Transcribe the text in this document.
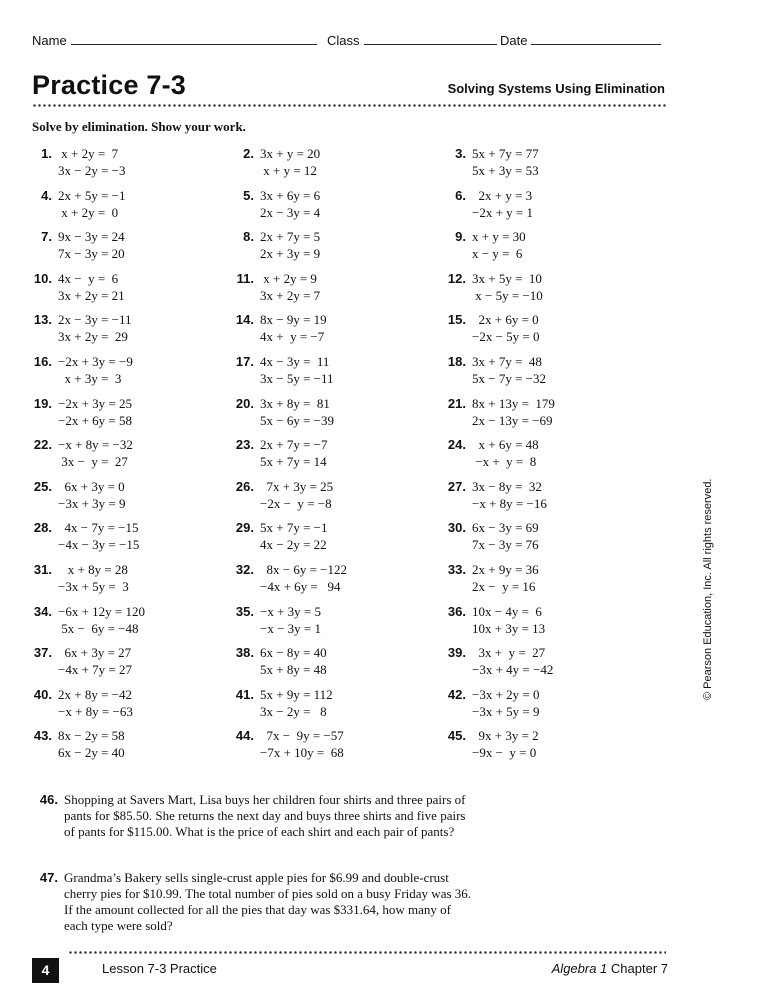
Name	Class	Date
Practice 7-3	Solving Systems Using Elimination
Solve by elimination. Show your work.
1. x + 2y =  7
3x − 2y = −3
2. 3x + y = 20
x + y = 12
3. 5x + 7y = 77
5x + 3y = 53
4. 2x + 5y = −1
x + 2y =  0
5. 3x + 6y = 6
2x − 3y = 4
6. 2x + y = 3
−2x + y = 1
7. 9x − 3y = 24
7x − 3y = 20
8. 2x + 7y = 5
2x + 3y = 9
9. x + y = 30
x − y =  6
10. 4x −  y =  6
3x + 2y = 21
11. x + 2y = 9
3x + 2y = 7
12. 3x + 5y =  10
x − 5y = −10
13. 2x − 3y = −11
3x + 2y =  29
14. 8x − 9y = 19
4x +  y = −7
15. 2x + 6y = 0
−2x − 5y = 0
16. −2x + 3y = −9
x + 3y =  3
17. 4x − 3y =  11
3x − 5y = −11
18. 3x + 7y =  48
5x − 7y = −32
19. −2x + 3y = 25
−2x + 6y = 58
20. 3x + 8y =  81
5x − 6y = −39
21. 8x + 13y =  179
2x − 13y = −69
22. −x + 8y = −32
3x −  y =  27
23. 2x + 7y = −7
5x + 7y = 14
24. x + 6y = 48
−x +  y =  8
25. 6x + 3y = 0
−3x + 3y = 9
26. 7x + 3y = 25
−2x −  y = −8
27. 3x − 8y =  32
−x + 8y = −16
28. 4x − 7y = −15
−4x − 3y = −15
29. 5x + 7y = −1
4x − 2y = 22
30. 6x − 3y = 69
7x − 3y = 76
31. x + 8y = 28
−3x + 5y =  3
32. 8x − 6y = −122
−4x + 6y =   94
33. 2x + 9y = 36
2x −  y = 16
34. −6x + 12y = 120
5x −  6y = −48
35. −x + 3y = 5
−x − 3y = 1
36. 10x − 4y =  6
10x + 3y = 13
37. 6x + 3y = 27
−4x + 7y = 27
38. 6x − 8y = 40
5x + 8y = 48
39. 3x +  y =  27
−3x + 4y = −42
40. 2x + 8y = −42
−x + 8y = −63
41. 5x + 9y = 112
3x − 2y =   8
42. −3x + 2y = 0
−3x + 5y = 9
43. 8x − 2y = 58
6x − 2y = 40
44. 7x −  9y = −57
−7x + 10y =  68
45. 9x + 3y = 2
−9x −  y = 0
46. Shopping at Savers Mart, Lisa buys her children four shirts and three pairs of pants for $85.50. She returns the next day and buys three shirts and five pairs of pants for $115.00. What is the price of each shirt and each pair of pants?
47. Grandma’s Bakery sells single-crust apple pies for $6.99 and double-crust cherry pies for $10.99. The total number of pies sold on a busy Friday was 36. If the amount collected for all the pies that day was $331.64, how many of each type were sold?
© Pearson Education, Inc. All rights reserved.
4	Lesson 7-3 Practice	Algebra 1 Chapter 7
